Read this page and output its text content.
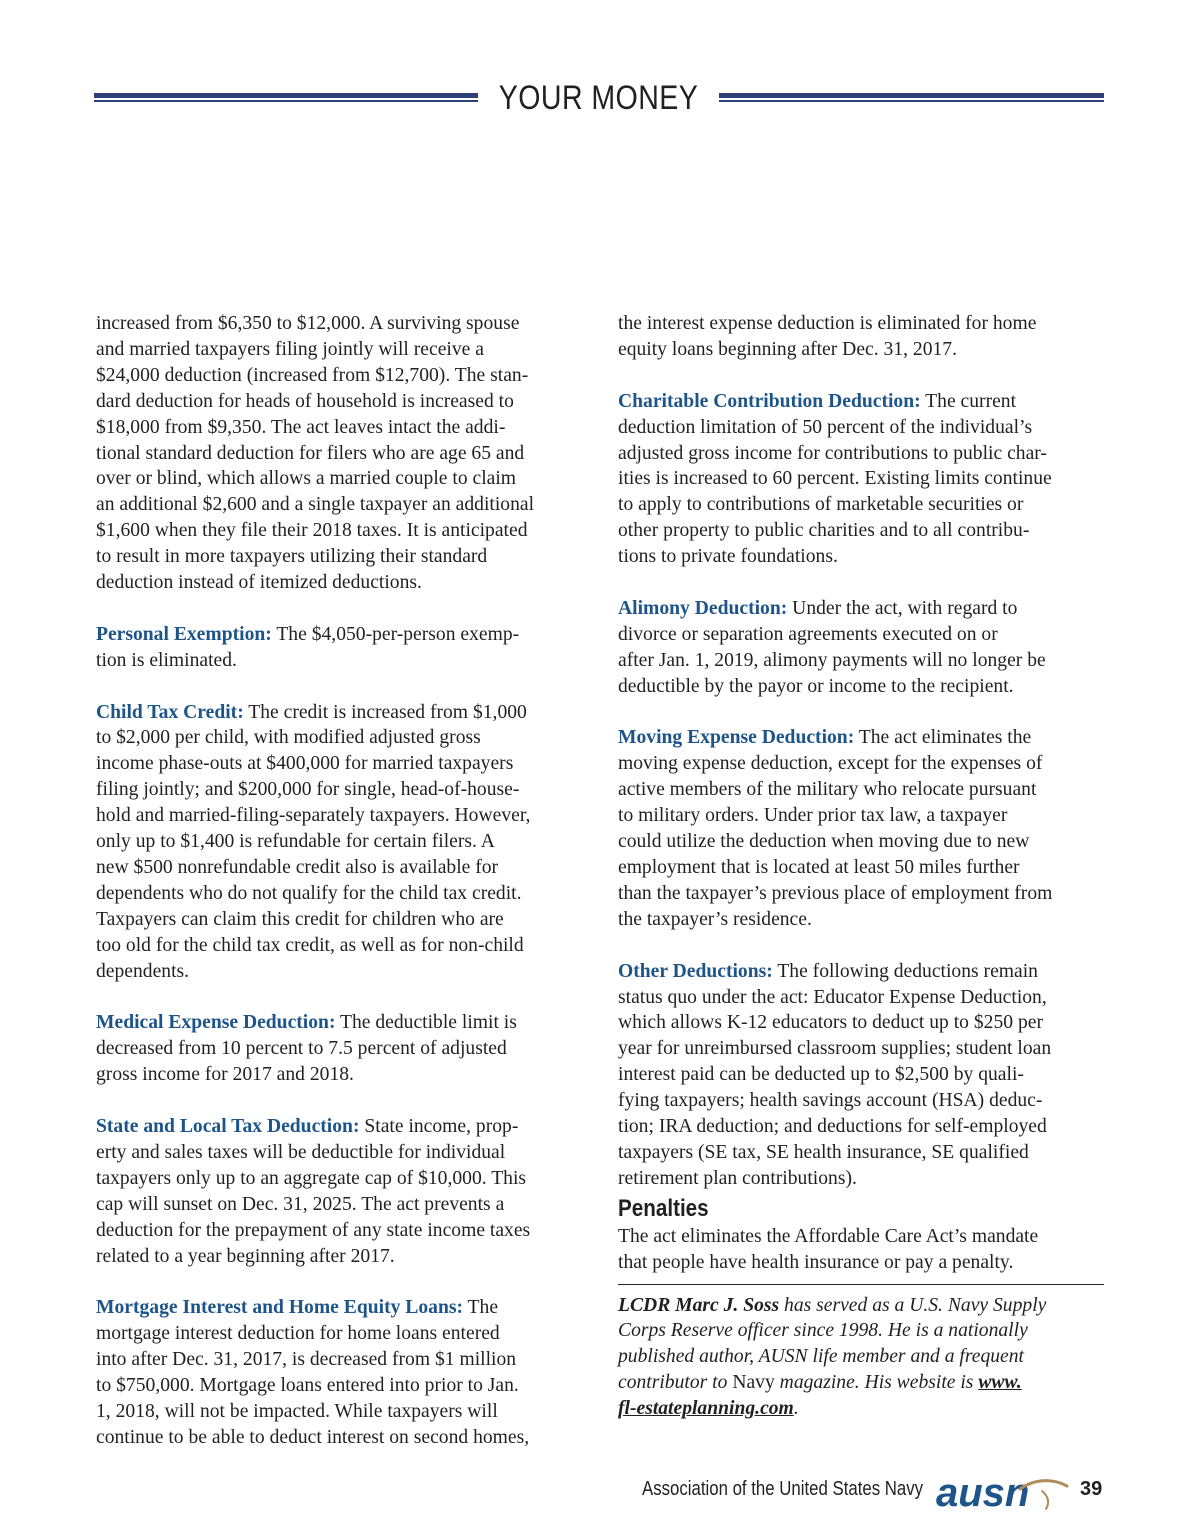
YOUR MONEY
increased from $6,350 to $12,000. A surviving spouse
and married taxpayers filing jointly will receive a
$24,000 deduction (increased from $12,700). The stan-
dard deduction for heads of household is increased to
$18,000 from $9,350. The act leaves intact the addi-
tional standard deduction for filers who are age 65 and
over or blind, which allows a married couple to claim
an additional $2,600 and a single taxpayer an additional
$1,600 when they file their 2018 taxes. It is anticipated
to result in more taxpayers utilizing their standard
deduction instead of itemized deductions.
Personal Exemption: The $4,050-per-person exemp-
tion is eliminated.
Child Tax Credit: The credit is increased from $1,000
to $2,000 per child, with modified adjusted gross
income phase-outs at $400,000 for married taxpayers
filing jointly; and $200,000 for single, head-of-house-
hold and married-filing-separately taxpayers. However,
only up to $1,400 is refundable for certain filers. A
new $500 nonrefundable credit also is available for
dependents who do not qualify for the child tax credit.
Taxpayers can claim this credit for children who are
too old for the child tax credit, as well as for non-child
dependents.
Medical Expense Deduction: The deductible limit is
decreased from 10 percent to 7.5 percent of adjusted
gross income for 2017 and 2018.
State and Local Tax Deduction: State income, prop-
erty and sales taxes will be deductible for individual
taxpayers only up to an aggregate cap of $10,000. This
cap will sunset on Dec. 31, 2025. The act prevents a
deduction for the prepayment of any state income taxes
related to a year beginning after 2017.
Mortgage Interest and Home Equity Loans: The
mortgage interest deduction for home loans entered
into after Dec. 31, 2017, is decreased from $1 million
to $750,000. Mortgage loans entered into prior to Jan.
1, 2018, will not be impacted. While taxpayers will
continue to be able to deduct interest on second homes,
the interest expense deduction is eliminated for home
equity loans beginning after Dec. 31, 2017.
Charitable Contribution Deduction: The current
deduction limitation of 50 percent of the individual’s
adjusted gross income for contributions to public char-
ities is increased to 60 percent. Existing limits continue
to apply to contributions of marketable securities or
other property to public charities and to all contribu-
tions to private foundations.
Alimony Deduction: Under the act, with regard to
divorce or separation agreements executed on or
after Jan. 1, 2019, alimony payments will no longer be
deductible by the payor or income to the recipient.
Moving Expense Deduction: The act eliminates the
moving expense deduction, except for the expenses of
active members of the military who relocate pursuant
to military orders. Under prior tax law, a taxpayer
could utilize the deduction when moving due to new
employment that is located at least 50 miles further
than the taxpayer’s previous place of employment from
the taxpayer’s residence.
Other Deductions: The following deductions remain
status quo under the act: Educator Expense Deduction,
which allows K-12 educators to deduct up to $250 per
year for unreimbursed classroom supplies; student loan
interest paid can be deducted up to $2,500 by quali-
fying taxpayers; health savings account (HSA) deduc-
tion; IRA deduction; and deductions for self-employed
taxpayers (SE tax, SE health insurance, SE qualified
retirement plan contributions).
Penalties
The act eliminates the Affordable Care Act’s mandate
that people have health insurance or pay a penalty.
LCDR Marc J. Soss has served as a U.S. Navy Supply
Corps Reserve officer since 1998. He is a nationally
published author, AUSN life member and a frequent
contributor to Navy magazine. His website is www.
fl-estateplanning.com.
Association of the United States Navy ausn	39
